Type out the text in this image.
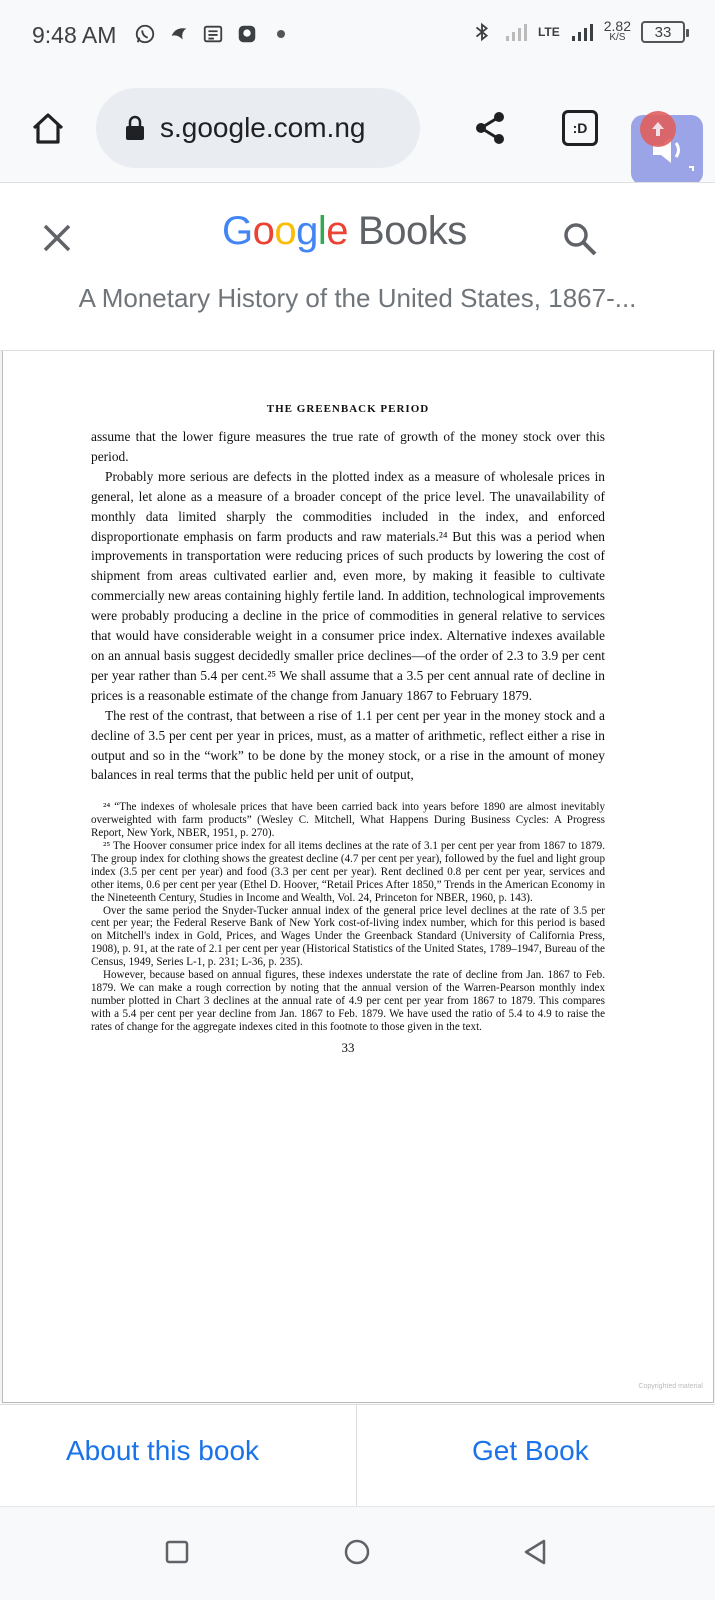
9:48 AM	LTE	2.82
K/S	33
s.google.com.ng	:D
Google Books
A Monetary History of the United States, 1867-...
THE GREENBACK PERIOD

assume that the lower figure measures the true rate of growth of the money stock over this period.

Probably more serious are defects in the plotted index as a measure of wholesale prices in general, let alone as a measure of a broader concept of the price level. The unavailability of monthly data limited sharply the commodities included in the index, and enforced disproportionate emphasis on farm products and raw materials.²⁴ But this was a period when improvements in transportation were reducing prices of such products by lowering the cost of shipment from areas cultivated earlier and, even more, by making it feasible to cultivate commercially new areas containing highly fertile land. In addition, technological improvements were probably producing a decline in the price of commodities in general relative to services that would have considerable weight in a consumer price index. Alternative indexes available on an annual basis suggest decidedly smaller price declines—of the order of 2.3 to 3.9 per cent per year rather than 5.4 per cent.²⁵ We shall assume that a 3.5 per cent annual rate of decline in prices is a reasonable estimate of the change from January 1867 to February 1879.

The rest of the contrast, that between a rise of 1.1 per cent per year in the money stock and a decline of 3.5 per cent per year in prices, must, as a matter of arithmetic, reflect either a rise in output and so in the “work” to be done by the money stock, or a rise in the amount of money balances in real terms that the public held per unit of output,

²⁴ “The indexes of wholesale prices that have been carried back into years before 1890 are almost inevitably overweighted with farm products” (Wesley C. Mitchell, What Happens During Business Cycles: A Progress Report, New York, NBER, 1951, p. 270).

²⁵ The Hoover consumer price index for all items declines at the rate of 3.1 per cent per year from 1867 to 1879. The group index for clothing shows the greatest decline (4.7 per cent per year), followed by the fuel and light group index (3.5 per cent per year) and food (3.3 per cent per year). Rent declined 0.8 per cent per year, services and other items, 0.6 per cent per year (Ethel D. Hoover, “Retail Prices After 1850,” Trends in the American Economy in the Nineteenth Century, Studies in Income and Wealth, Vol. 24, Princeton for NBER, 1960, p. 143).

Over the same period the Snyder-Tucker annual index of the general price level declines at the rate of 3.5 per cent per year; the Federal Reserve Bank of New York cost-of-living index number, which for this period is based on Mitchell's index in Gold, Prices, and Wages Under the Greenback Standard (University of California Press, 1908), p. 91, at the rate of 2.1 per cent per year (Historical Statistics of the United States, 1789–1947, Bureau of the Census, 1949, Series L-1, p. 231; L-36, p. 235).

However, because based on annual figures, these indexes understate the rate of decline from Jan. 1867 to Feb. 1879. We can make a rough correction by noting that the annual version of the Warren-Pearson monthly index number plotted in Chart 3 declines at the annual rate of 4.9 per cent per year from 1867 to 1879. This compares with a 5.4 per cent per year decline from Jan. 1867 to Feb. 1879. We have used the ratio of 5.4 to 4.9 to raise the rates of change for the aggregate indexes cited in this footnote to those given in the text.

33
Copyrighted material
About this book	Get Book
